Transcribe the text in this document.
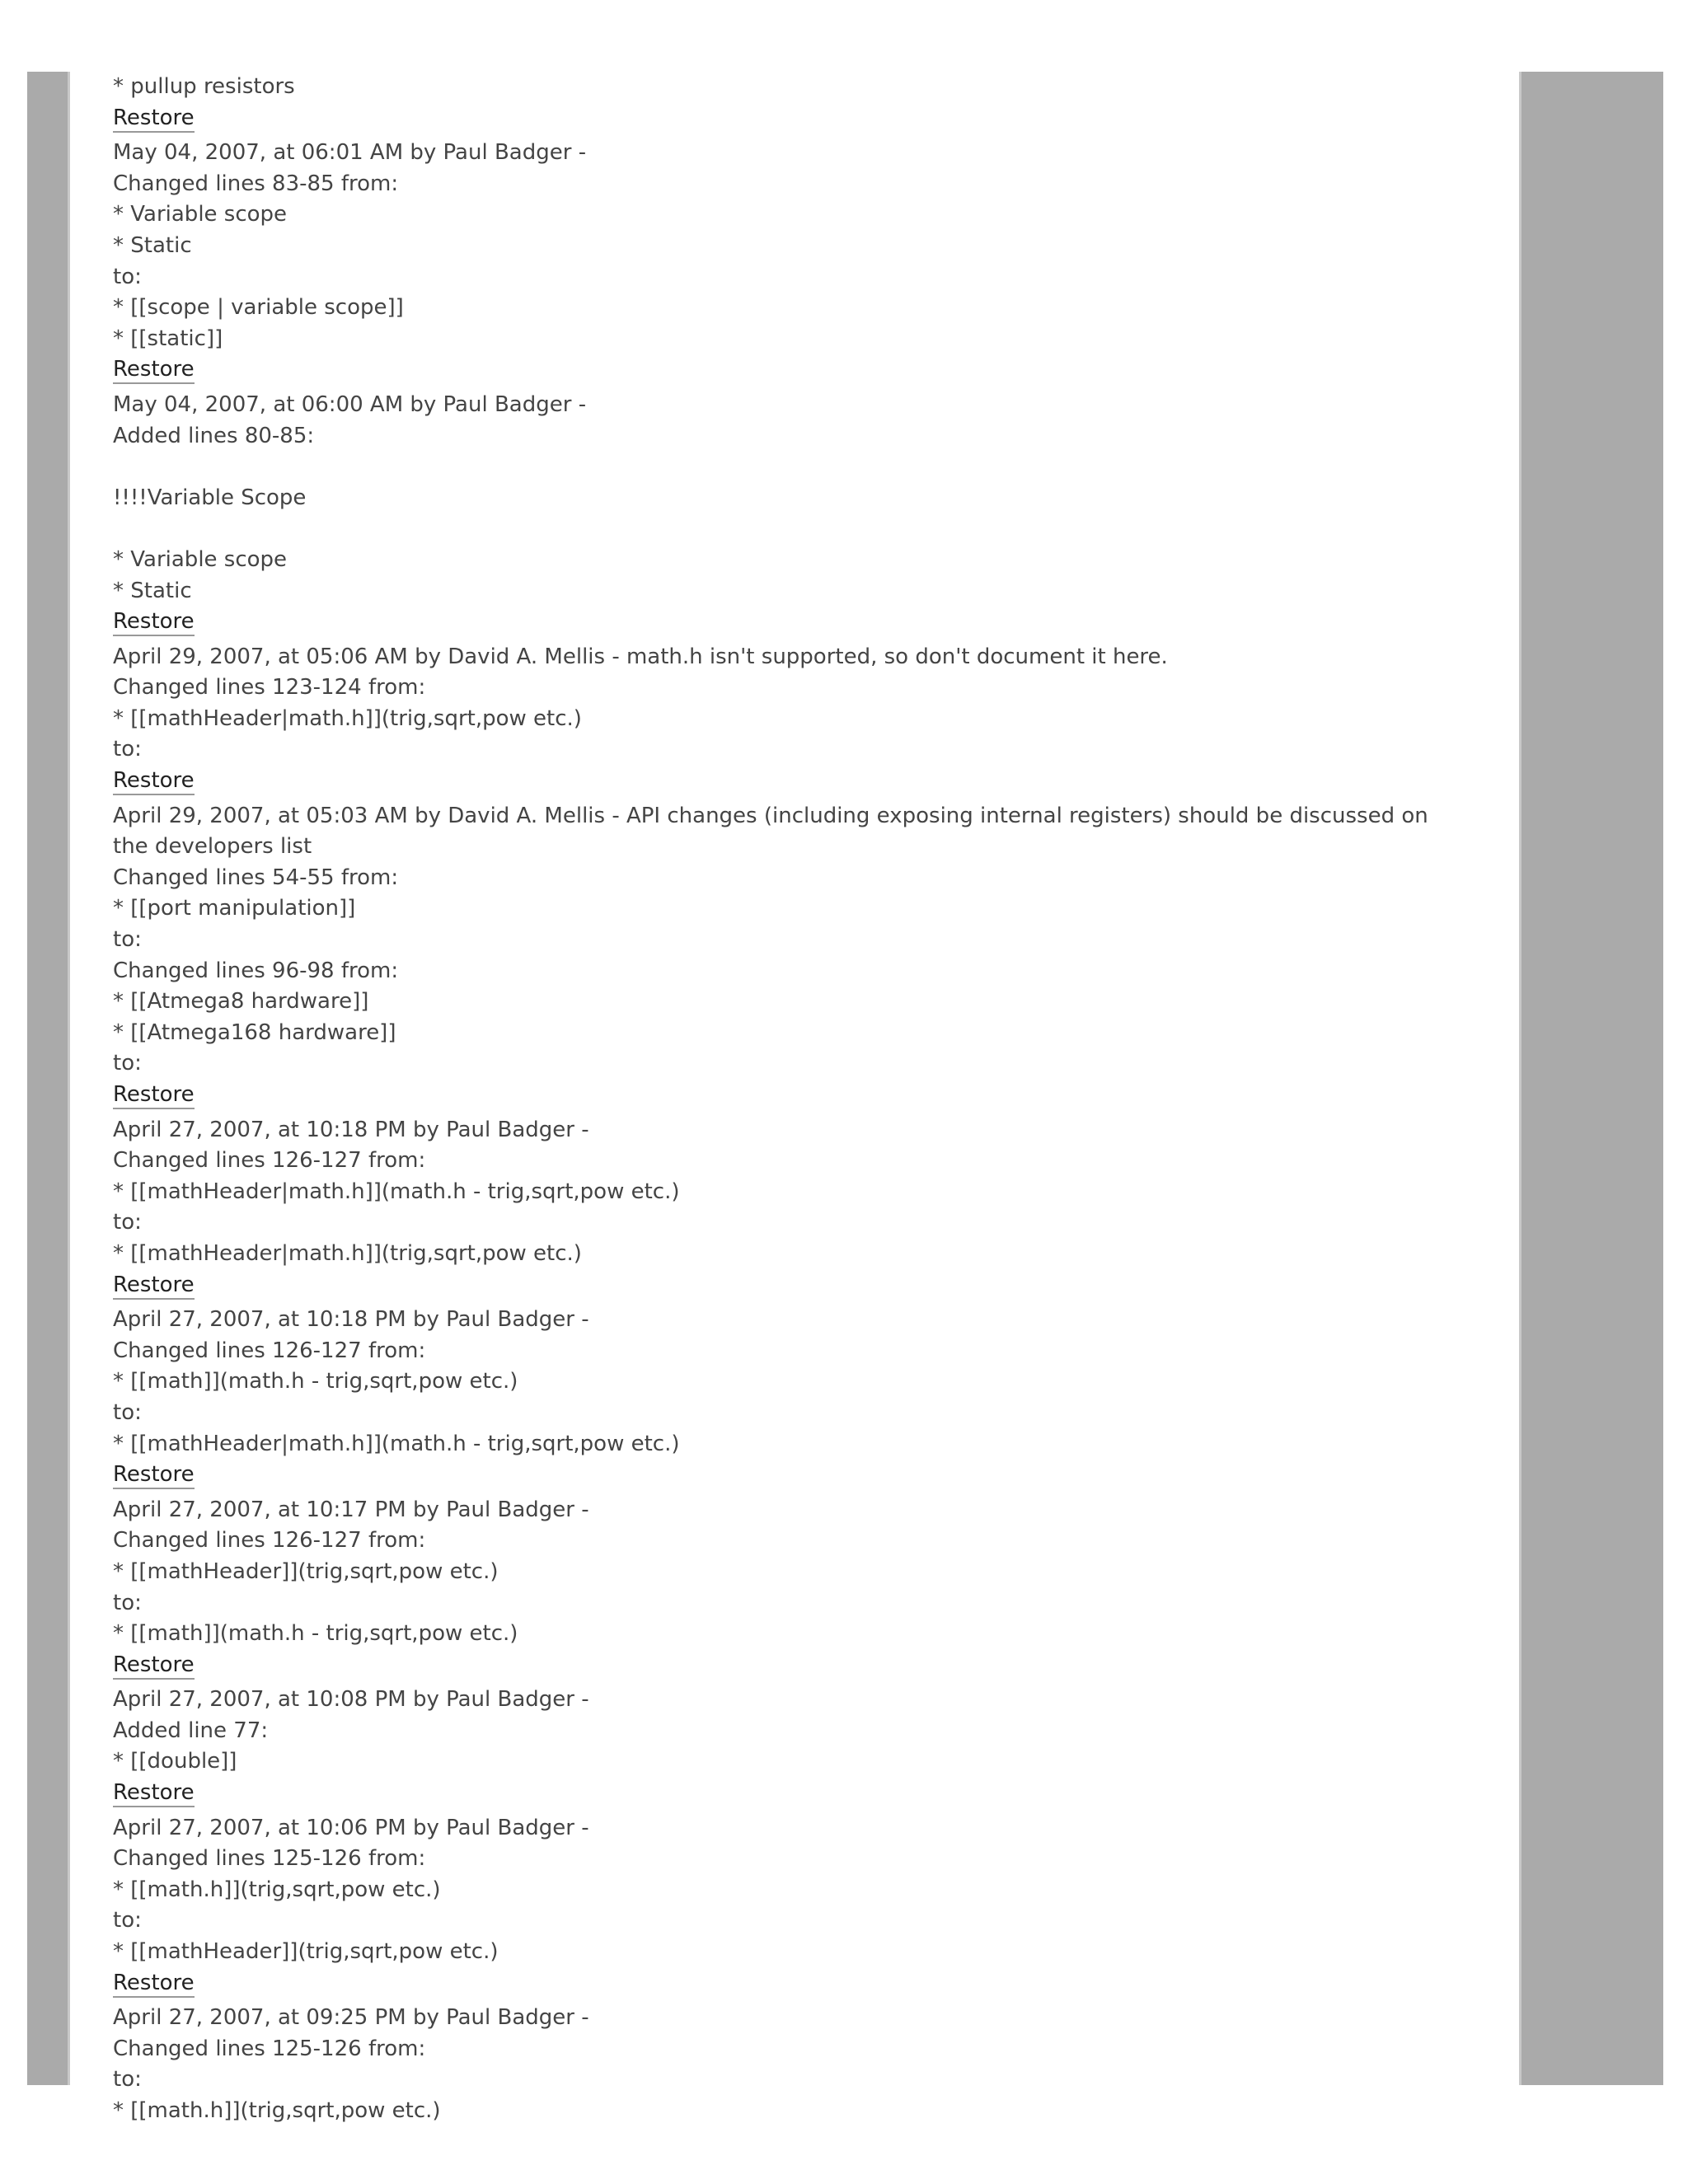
* pullup resistors
Restore
May 04, 2007, at 06:01 AM by Paul Badger -
Changed lines 83-85 from:
* Variable scope
* Static
to:
* [[scope | variable scope]]
* [[static]]
Restore
May 04, 2007, at 06:00 AM by Paul Badger -
Added lines 80-85:
!!!!Variable Scope
* Variable scope
* Static
Restore
April 29, 2007, at 05:06 AM by David A. Mellis - math.h isn't supported, so don't document it here.
Changed lines 123-124 from:
* [[mathHeader|math.h]](trig,sqrt,pow etc.)
to:
Restore
April 29, 2007, at 05:03 AM by David A. Mellis - API changes (including exposing internal registers) should be discussed on the developers list
Changed lines 54-55 from:
* [[port manipulation]]
to:
Changed lines 96-98 from:
* [[Atmega8 hardware]]
* [[Atmega168 hardware]]
to:
Restore
April 27, 2007, at 10:18 PM by Paul Badger -
Changed lines 126-127 from:
* [[mathHeader|math.h]](math.h - trig,sqrt,pow etc.)
to:
* [[mathHeader|math.h]](trig,sqrt,pow etc.)
Restore
April 27, 2007, at 10:18 PM by Paul Badger -
Changed lines 126-127 from:
* [[math]](math.h - trig,sqrt,pow etc.)
to:
* [[mathHeader|math.h]](math.h - trig,sqrt,pow etc.)
Restore
April 27, 2007, at 10:17 PM by Paul Badger -
Changed lines 126-127 from:
* [[mathHeader]](trig,sqrt,pow etc.)
to:
* [[math]](math.h - trig,sqrt,pow etc.)
Restore
April 27, 2007, at 10:08 PM by Paul Badger -
Added line 77:
* [[double]]
Restore
April 27, 2007, at 10:06 PM by Paul Badger -
Changed lines 125-126 from:
* [[math.h]](trig,sqrt,pow etc.)
to:
* [[mathHeader]](trig,sqrt,pow etc.)
Restore
April 27, 2007, at 09:25 PM by Paul Badger -
Changed lines 125-126 from:
to:
* [[math.h]](trig,sqrt,pow etc.)
